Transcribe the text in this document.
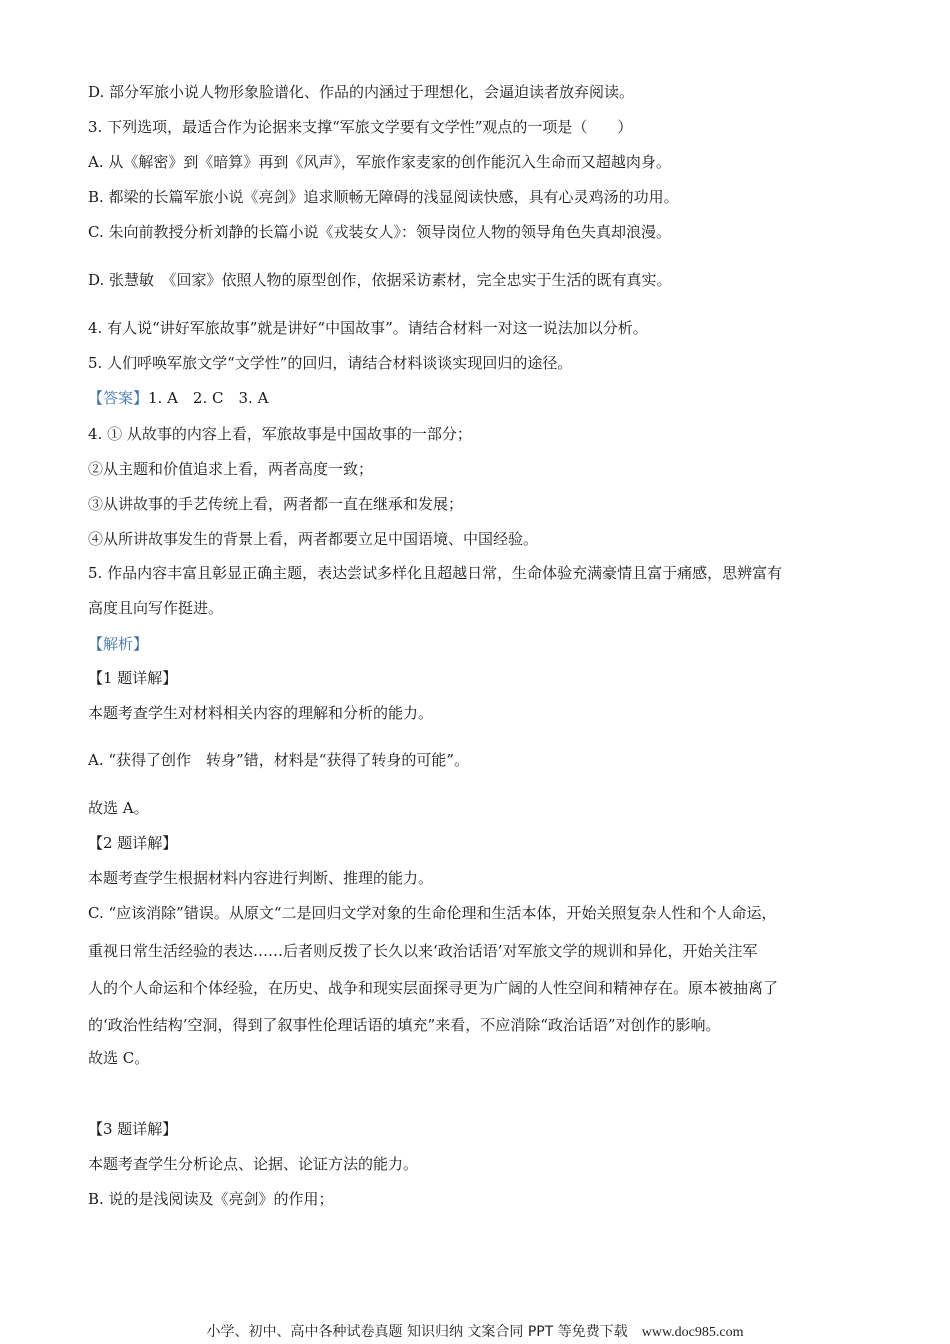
D. 部分军旅小说人物形象脸谱化、作品的内涵过于理想化，会逼迫读者放弃阅读。
3. 下列选项，最适合作为论据来支撑“军旅文学要有文学性”观点的一项是（　　）
A. 从《解密》到《暗算》再到《风声》，军旅作家麦家的创作能沉入生命而又超越肉身。
B. 都梁的长篇军旅小说《亮剑》追求顺畅无障碍的浅显阅读快感，具有心灵鸡汤的功用。
C. 朱向前教授分析刘静的长篇小说《戎装女人》：领导岗位人物的领导角色失真却浪漫。
D. 张慧敏　《回家》依照人物的原型创作，依据采访素材，完全忠实于生活的既有真实。
4. 有人说“讲好军旅故事”就是讲好“中国故事”。请结合材料一对这一说法加以分析。
5. 人们呼唤军旅文学“文学性”的回归，请结合材料谈谈实现回归的途径。
【答案】1. A　2. C　3. A
4. ① 从故事的内容上看，军旅故事是中国故事的一部分；
②从主题和价值追求上看，两者高度一致；
③从讲故事的手艺传统上看，两者都一直在继承和发展；
④从所讲故事发生的背景上看，两者都要立足中国语境、中国经验。
5. 作品内容丰富且彰显正确主题，表达尝试多样化且超越日常，生命体验充满豪情且富于痛感，思辨富有
高度且向写作挺进。
【解析】
【1 题详解】
本题考查学生对材料相关内容的理解和分析的能力。
A. “获得了创作　转身”错，材料是“获得了转身的可能”。
故选 A。
【2 题详解】
本题考查学生根据材料内容进行判断、推理的能力。
C. “应该消除”错误。从原文“二是回归文学对象的生命伦理和生活本体，开始关照复杂人性和个人命运，
重视日常生活经验的表达……后者则反拨了长久以来‘政治话语’对军旅文学的规训和异化，开始关注军
人的个人命运和个体经验，在历史、战争和现实层面探寻更为广阔的人性空间和精神存在。原本被抽离了
的‘政治性结构’空洞，得到了叙事性伦理话语的填充”来看，不应消除“政治话语”对创作的影响。
故选 C。
【3 题详解】
本题考查学生分析论点、论据、论证方法的能力。
B. 说的是浅阅读及《亮剑》的作用；
小学、初中、高中各种试卷真题 知识归纳 文案合同 PPT 等免费下载 www.doc985.com
